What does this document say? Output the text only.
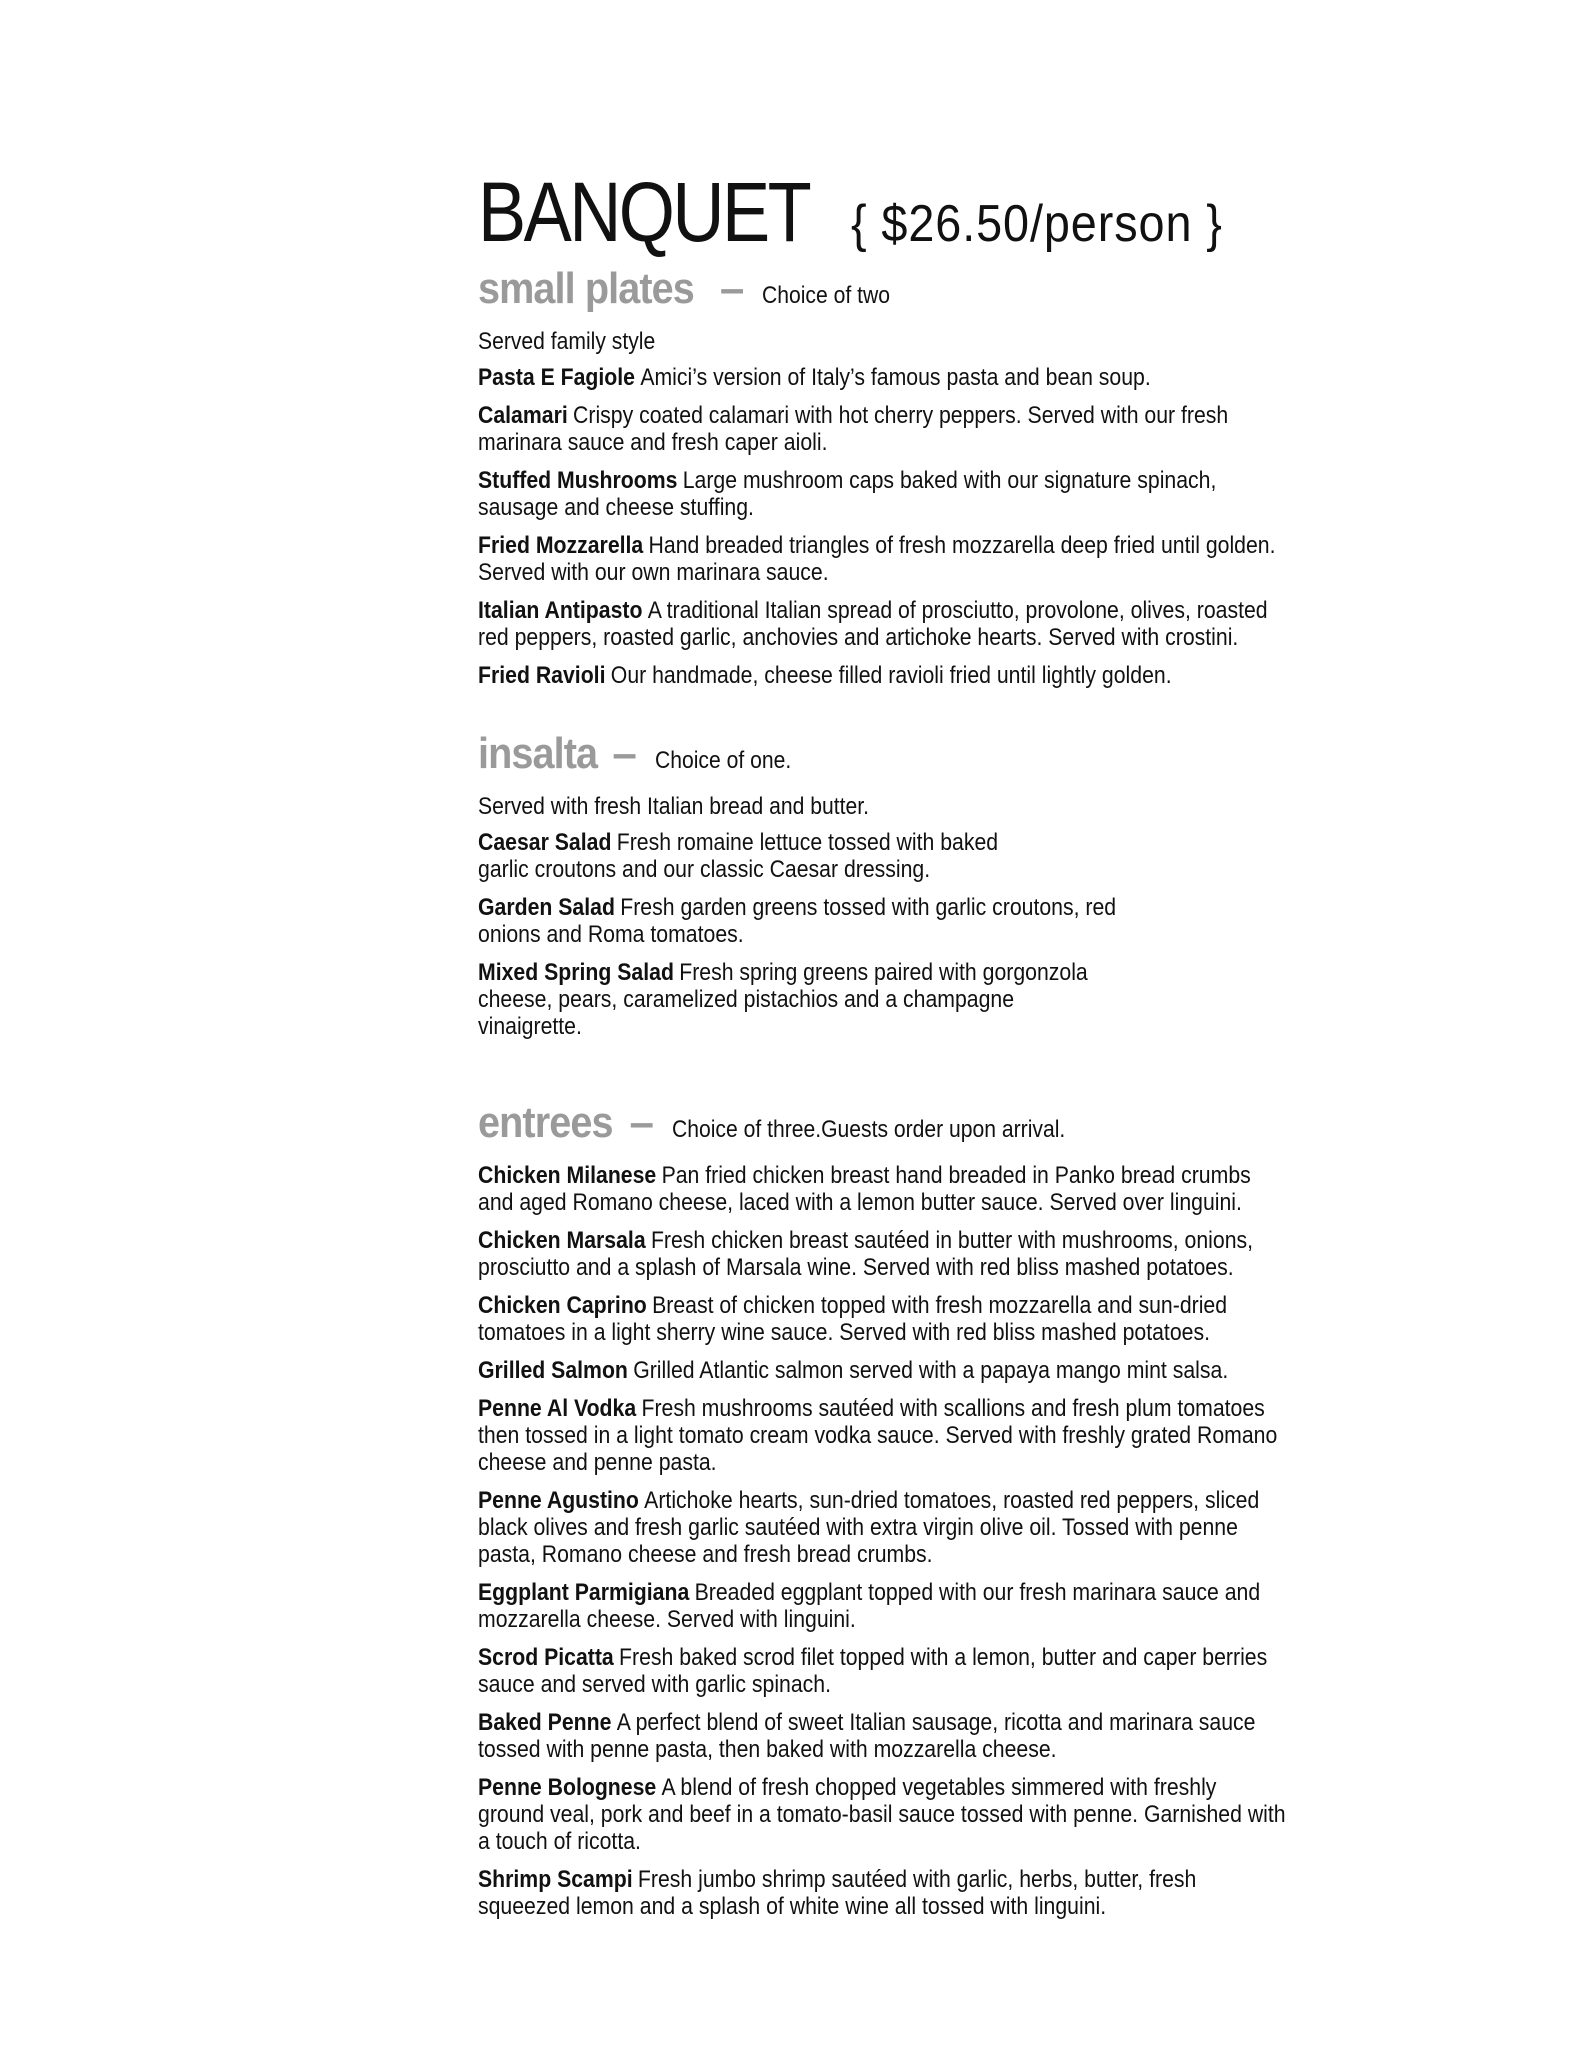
BANQUET { $26.50/person }
small plates – Choice of two
Served family style
Pasta E Fagiole Amici’s version of Italy’s famous pasta and bean soup.
Calamari Crispy coated calamari with hot cherry peppers. Served with our fresh marinara sauce and fresh caper aioli.
Stuffed Mushrooms Large mushroom caps baked with our signature spinach, sausage and cheese stuffing.
Fried Mozzarella Hand breaded triangles of fresh mozzarella deep fried until golden. Served with our own marinara sauce.
Italian Antipasto A traditional Italian spread of prosciutto, provolone, olives, roasted red peppers, roasted garlic, anchovies and artichoke hearts. Served with crostini.
Fried Ravioli Our handmade, cheese filled ravioli fried until lightly golden.
insalta – Choice of one.
Served with fresh Italian bread and butter.
Caesar Salad Fresh romaine lettuce tossed with baked garlic croutons and our classic Caesar dressing.
Garden Salad Fresh garden greens tossed with garlic croutons, red onions and Roma tomatoes.
Mixed Spring Salad Fresh spring greens paired with gorgonzola cheese, pears, caramelized pistachios and a champagne vinaigrette.
entrees – Choice of three.Guests order upon arrival.
Chicken Milanese Pan fried chicken breast hand breaded in Panko bread crumbs and aged Romano cheese, laced with a lemon butter sauce. Served over linguini.
Chicken Marsala Fresh chicken breast sautéed in butter with mushrooms, onions, prosciutto and a splash of Marsala wine. Served with red bliss mashed potatoes.
Chicken Caprino Breast of chicken topped with fresh mozzarella and sun-dried tomatoes in a light sherry wine sauce. Served with red bliss mashed potatoes.
Grilled Salmon Grilled Atlantic salmon served with a papaya mango mint salsa.
Penne Al Vodka Fresh mushrooms sautéed with scallions and fresh plum tomatoes then tossed in a light tomato cream vodka sauce. Served with freshly grated Romano cheese and penne pasta.
Penne Agustino Artichoke hearts, sun-dried tomatoes, roasted red peppers, sliced black olives and fresh garlic sautéed with extra virgin olive oil. Tossed with penne pasta, Romano cheese and fresh bread crumbs.
Eggplant Parmigiana Breaded eggplant topped with our fresh marinara sauce and mozzarella cheese. Served with linguini.
Scrod Picatta Fresh baked scrod filet topped with a lemon, butter and caper berries sauce and served with garlic spinach.
Baked Penne A perfect blend of sweet Italian sausage, ricotta and marinara sauce tossed with penne pasta, then baked with mozzarella cheese.
Penne Bolognese A blend of fresh chopped vegetables simmered with freshly ground veal, pork and beef in a tomato-basil sauce tossed with penne. Garnished with a touch of ricotta.
Shrimp Scampi Fresh jumbo shrimp sautéed with garlic, herbs, butter, fresh squeezed lemon and a splash of white wine all tossed with linguini.
